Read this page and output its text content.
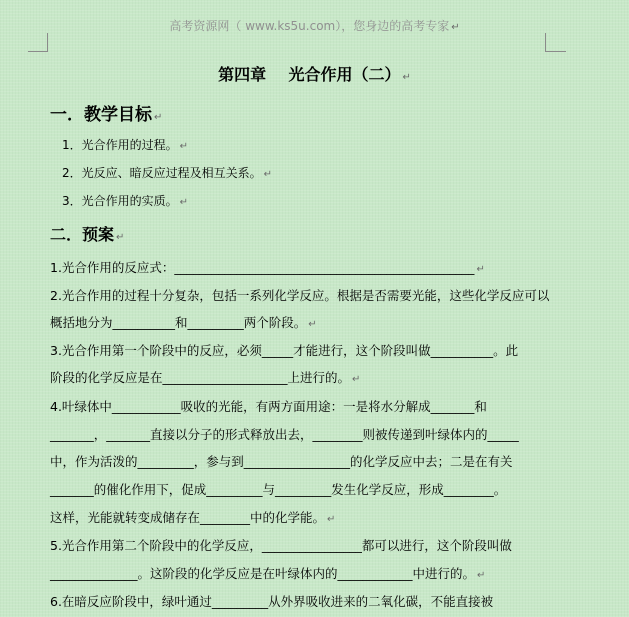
高考资源网（ www.ks5u.com），您身边的高考专家 ↵
第四章    光合作用（二） ↵
一．教学目标 ↵
1．光合作用的过程。 ↵
2．光反应、暗反应过程及相互关系。 ↵
3．光合作用的实质。 ↵
二．预案 ↵
1.光合作用的反应式：________________________________________________ ↵
2.光合作用的过程十分复杂，包括一系列化学反应。根据是否需要光能，这些化学反应可以
概括地分为__________和_________两个阶段。 ↵
3.光合作用第一个阶段中的反应，必须_____才能进行，这个阶段叫做__________。此
阶段的化学反应是在____________________上进行的。 ↵
4.叶绿体中___________吸收的光能，有两方面用途：一是将水分解成_______和
_______，_______直接以分子的形式释放出去，________则被传递到叶绿体内的_____
中，作为活泼的_________，参与到_________________的化学反应中去；二是在有关
_______的催化作用下，促成_________与_________发生化学反应，形成________。
这样，光能就转变成储存在________中的化学能。 ↵
5.光合作用第二个阶段中的化学反应，________________都可以进行，这个阶段叫做
______________。这阶段的化学反应是在叶绿体内的____________中进行的。 ↵
6.在暗反应阶段中，绿叶通过_________从外界吸收进来的二氧化碳，不能直接被
